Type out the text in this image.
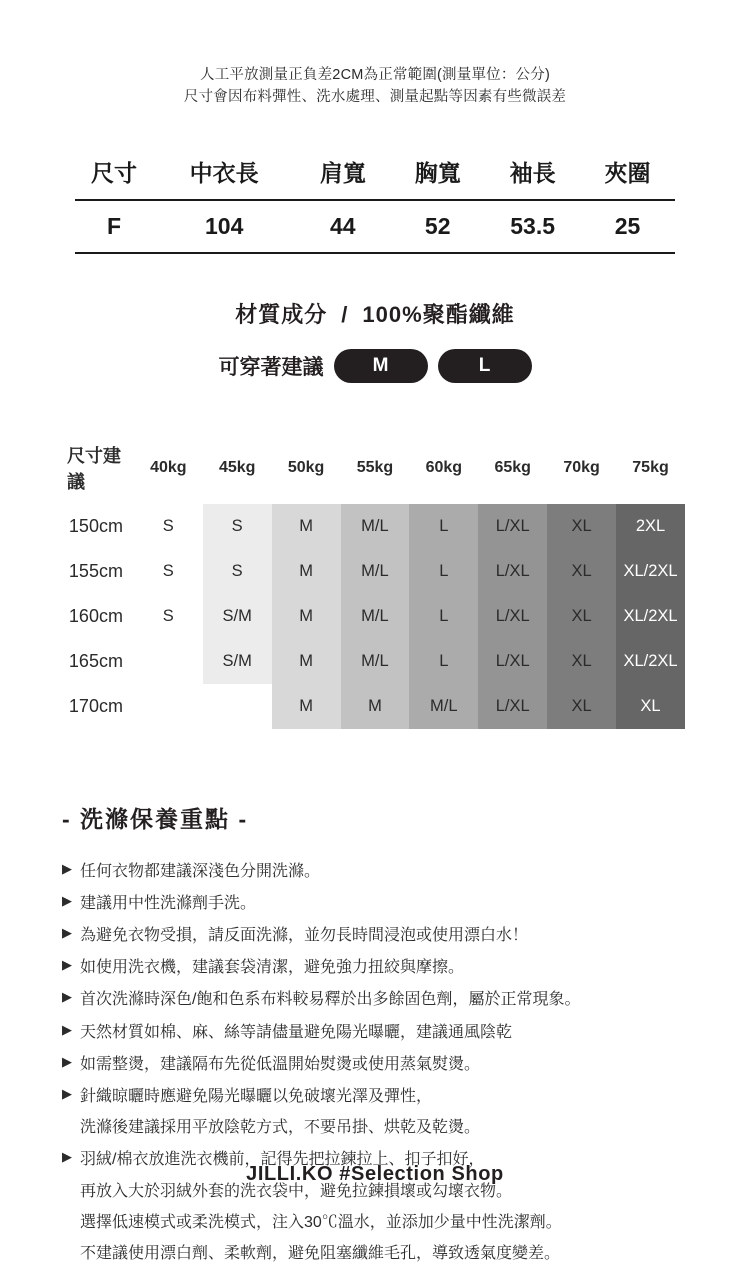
人工平放測量正負差2CM為正常範圍(測量單位：公分)
尺寸會因布料彈性、洗水處理、測量起點等因素有些微誤差
尺寸	中衣長	肩寬	胸寬	袖長	夾圈
F	104	44	52	53.5	25
材質成分 / 100%聚酯纖維
可穿著建議	M	L
尺寸建議	40kg	45kg	50kg	55kg	60kg	65kg	70kg	75kg
150cm	S	S	M	M/L	L	L/XL	XL	2XL
155cm	S	S	M	M/L	L	L/XL	XL	XL/2XL
160cm	S	S/M	M	M/L	L	L/XL	XL	XL/2XL
165cm		S/M	M	M/L	L	L/XL	XL	XL/2XL
170cm			M	M	M/L	L/XL	XL	XL
- 洗滌保養重點 -
▶ 任何衣物都建議深淺色分開洗滌。
▶ 建議用中性洗滌劑手洗。
▶ 為避免衣物受損，請反面洗滌，並勿長時間浸泡或使用漂白水！
▶ 如使用洗衣機，建議套袋清潔，避免強力扭絞與摩擦。
▶ 首次洗滌時深色/飽和色系布料較易釋於出多餘固色劑，屬於正常現象。
▶ 天然材質如棉、麻、絲等請儘量避免陽光曝曬，建議通風陰乾
▶ 如需整燙，建議隔布先從低溫開始熨燙或使用蒸氣熨燙。
▶ 針織晾曬時應避免陽光曝曬以免破壞光澤及彈性，
洗滌後建議採用平放陰乾方式，不要吊掛、烘乾及乾燙。
▶ 羽絨/棉衣放進洗衣機前，記得先把拉鍊拉上、扣子扣好，
再放入大於羽絨外套的洗衣袋中，避免拉鍊損壞或勾壞衣物。
選擇低速模式或柔洗模式，注入30℃溫水，並添加少量中性洗潔劑。
不建議使用漂白劑、柔軟劑，避免阻塞纖維毛孔，導致透氣度變差。
JILLI.KO #Selection Shop
